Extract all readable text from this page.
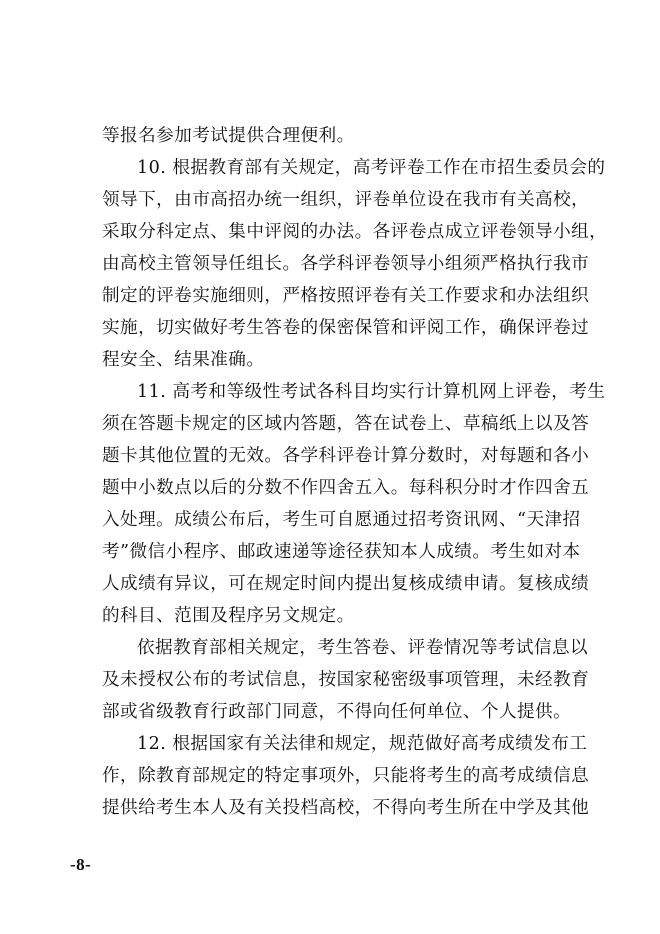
等报名参加考试提供合理便利。
10. 根据教育部有关规定，高考评卷工作在市招生委员会的
领导下，由市高招办统一组织，评卷单位设在我市有关高校，
采取分科定点、集中评阅的办法。各评卷点成立评卷领导小组，
由高校主管领导任组长。各学科评卷领导小组须严格执行我市
制定的评卷实施细则，严格按照评卷有关工作要求和办法组织
实施，切实做好考生答卷的保密保管和评阅工作，确保评卷过
程安全、结果准确。
11. 高考和等级性考试各科目均实行计算机网上评卷，考生
须在答题卡规定的区域内答题，答在试卷上、草稿纸上以及答
题卡其他位置的无效。各学科评卷计算分数时，对每题和各小
题中小数点以后的分数不作四舍五入。每科积分时才作四舍五
入处理。成绩公布后，考生可自愿通过招考资讯网、“天津招
考”微信小程序、邮政速递等途径获知本人成绩。考生如对本
人成绩有异议，可在规定时间内提出复核成绩申请。复核成绩
的科目、范围及程序另文规定。
依据教育部相关规定，考生答卷、评卷情况等考试信息以
及未授权公布的考试信息，按国家秘密级事项管理，未经教育
部或省级教育行政部门同意，不得向任何单位、个人提供。
12. 根据国家有关法律和规定，规范做好高考成绩发布工
作，除教育部规定的特定事项外，只能将考生的高考成绩信息
提供给考生本人及有关投档高校，不得向考生所在中学及其他
-8-
